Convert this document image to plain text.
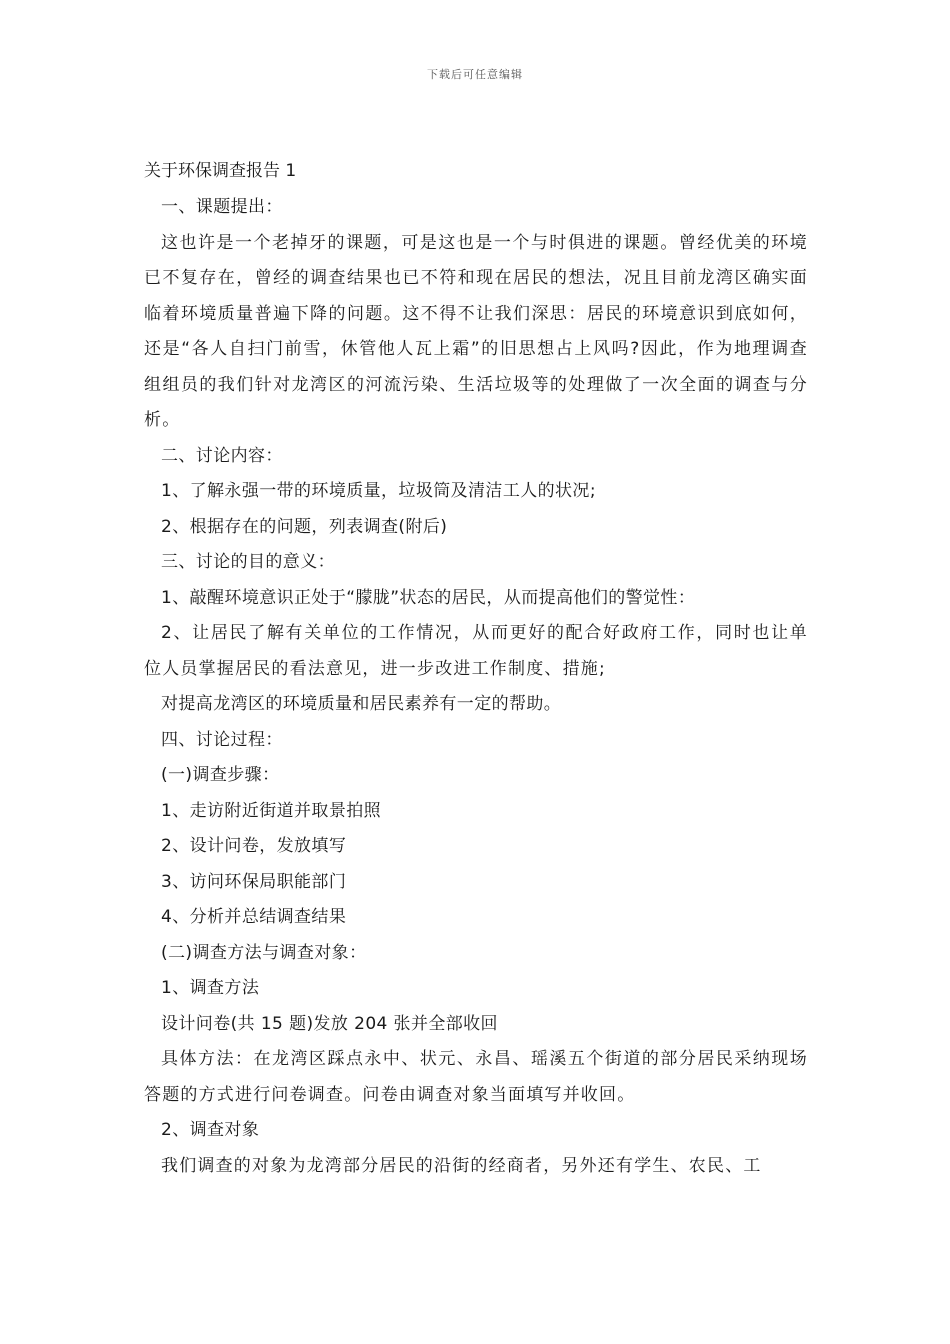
下载后可任意编辑
关于环保调查报告 1

一、课题提出：

这也许是一个老掉牙的课题，可是这也是一个与时俱进的课题。曾经优美的环境已不复存在，曾经的调查结果也已不符和现在居民的想法，况且目前龙湾区确实面临着环境质量普遍下降的问题。这不得不让我们深思：居民的环境意识到底如何，还是“各人自扫门前雪，休管他人瓦上霜”的旧思想占上风吗?因此，作为地理调查组组员的我们针对龙湾区的河流污染、生活垃圾等的处理做了一次全面的调查与分析。

二、讨论内容：

1、了解永强一带的环境质量，垃圾筒及清洁工人的状况;

2、根据存在的问题，列表调查(附后)

三、讨论的目的意义：

1、敲醒环境意识正处于“朦胧”状态的居民，从而提高他们的警觉性：

2、让居民了解有关单位的工作情况，从而更好的配合好政府工作，同时也让单位人员掌握居民的看法意见，进一步改进工作制度、措施;

对提高龙湾区的环境质量和居民素养有一定的帮助。

四、讨论过程：

(一)调查步骤：

1、走访附近街道并取景拍照

2、设计问卷，发放填写

3、访问环保局职能部门

4、分析并总结调查结果

(二)调查方法与调查对象：

1、调查方法

设计问卷(共 15 题)发放 204 张并全部收回

具体方法：在龙湾区踩点永中、状元、永昌、瑶溪五个街道的部分居民采纳现场答题的方式进行问卷调查。问卷由调查对象当面填写并收回。

2、调查对象

我们调查的对象为龙湾部分居民的沿街的经商者，另外还有学生、农民、工
